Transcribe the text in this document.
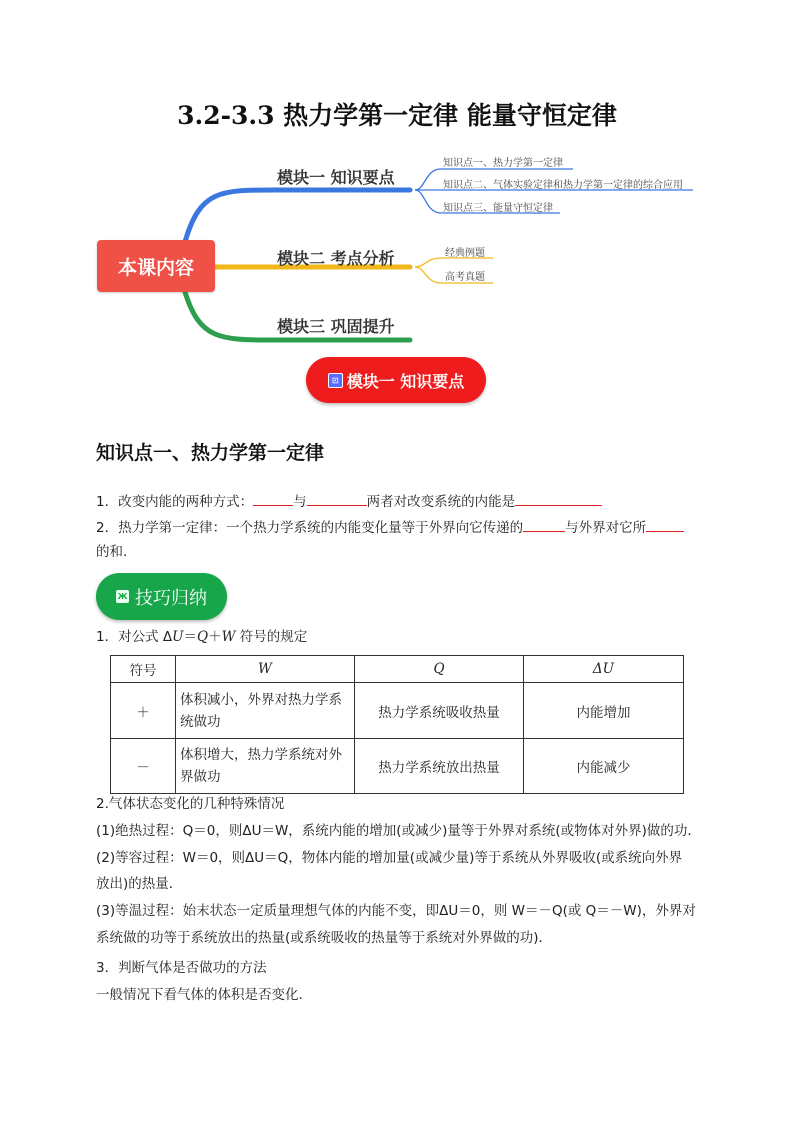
3.2-3.3 热力学第一定律 能量守恒定律
本课内容
模块一 知识要点
模块二 考点分析
模块三 巩固提升
知识点一、热力学第一定律
知识点二、气体实验定律和热力学第一定律的综合应用
知识点三、能量守恒定律
经典例题
高考真题
⊡ 模块一 知识要点
知识点一、热力学第一定律
1．改变内能的两种方式：	与	两者对改变系统的内能是
2．热力学第一定律：一个热力学系统的内能变化量等于外界向它传递的	与外界对它所
的和．
Ж 技巧归纳
1．对公式 ΔU＝Q＋W 符号的规定
符号	W	Q	ΔU
＋	体积减小，外界对热力学系统做功	热力学系统吸收热量	内能增加
－	体积增大，热力学系统对外界做功	热力学系统放出热量	内能减少
2.气体状态变化的几种特殊情况
(1)绝热过程：Q＝0，则ΔU＝W，系统内能的增加(或减少)量等于外界对系统(或物体对外界)做的功．
(2)等容过程：W＝0，则ΔU＝Q，物体内能的增加量(或减少量)等于系统从外界吸收(或系统向外界
放出)的热量．
(3)等温过程：始末状态一定质量理想气体的内能不变，即ΔU＝0，则 W＝－Q(或 Q＝－W)，外界对
系统做的功等于系统放出的热量(或系统吸收的热量等于系统对外界做的功)．
3．判断气体是否做功的方法
一般情况下看气体的体积是否变化．
